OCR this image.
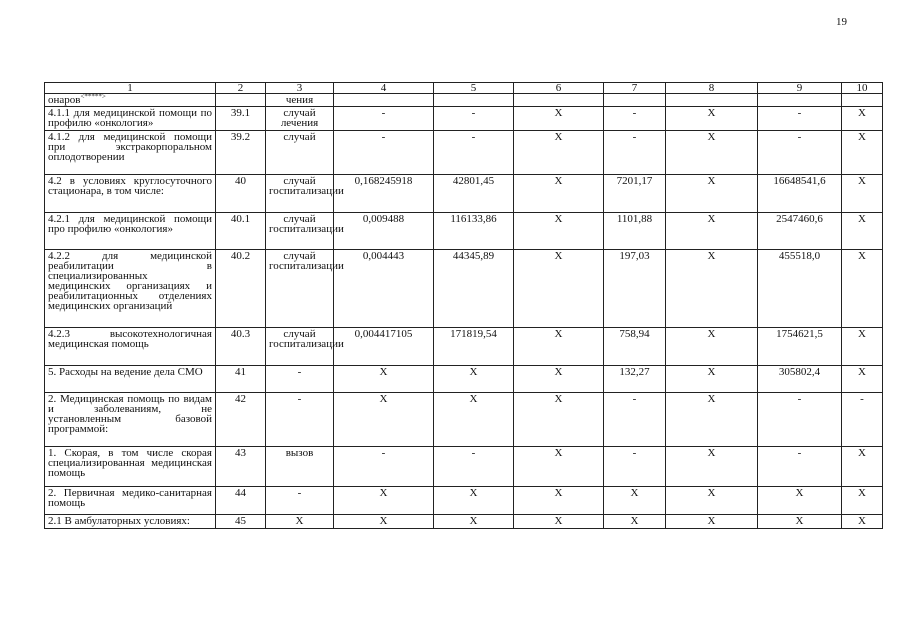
19
1	2	3	4	5	6	7	8	9	10
онаров<*****>		чения							
4.1.1 для медицинской помощи по профилю «онкология»	39.1	случай лечения	-	-	X	-	X	-	X
4.1.2 для медицинской помощи при экстракорпоральном оплодотворении	39.2	случай	-	-	X	-	X	-	X
4.2 в условиях круглосуточного стационара, в том числе:	40	случай госпитализации	0,168245918	42801,45	X	7201,17	X	16648541,6	X
4.2.1 для медицинской помощи про профилю «онкология»	40.1	случай госпитализации	0,009488	116133,86	X	1101,88	X	2547460,6	X
4.2.2 для медицинской реабилитации в специализированных медицинских организациях и реабилитационных отделениях медицинских организаций	40.2	случай госпитализации	0,004443	44345,89	X	197,03	X	455518,0	X
4.2.3 высокотехнологичная медицинская помощь	40.3	случай госпитализации	0,004417105	171819,54	X	758,94	X	1754621,5	X
5. Расходы на ведение дела СМО	41	-	X	X	X	132,27	X	305802,4	X
2. Медицинская помощь по видам и заболеваниям, не установленным базовой программой:	42	-	X	X	X	-	X	-	-
1. Скорая, в том числе скорая специализированная медицинская помощь	43	вызов	-	-	X	-	X	-	X
2. Первичная медико-санитарная помощь	44	-	X	X	X	X	X	X	X
2.1 В амбулаторных условиях:	45	X	X	X	X	X	X	X	X
